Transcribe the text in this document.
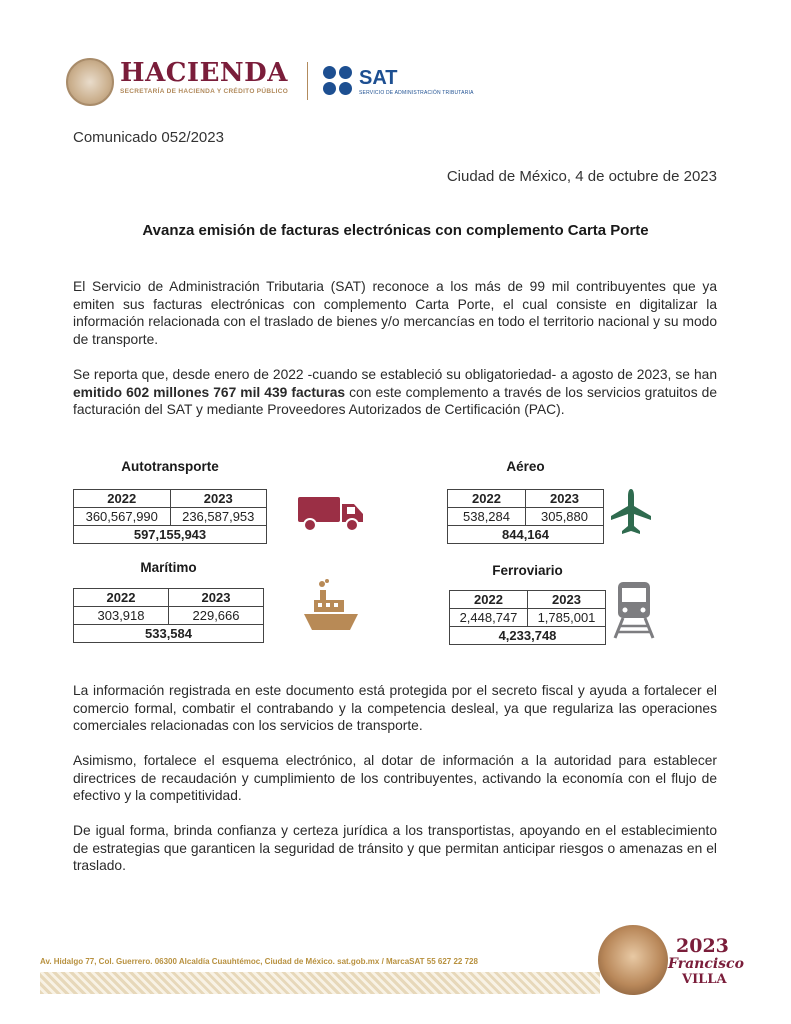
HACIENDA
SECRETARÍA DE HACIENDA Y CRÉDITO PÚBLICO
SAT
SERVICIO DE ADMINISTRACIÓN TRIBUTARIA
Comunicado 052/2023
Ciudad de México, 4 de octubre de 2023
Avanza emisión de facturas electrónicas con complemento Carta Porte
El Servicio de Administración Tributaria (SAT) reconoce a los más de 99 mil contribuyentes que ya emiten sus facturas electrónicas con complemento Carta Porte, el cual consiste en digitalizar la información relacionada con el traslado de bienes y/o mercancías en todo el territorio nacional y su modo de transporte.
Se reporta que, desde enero de 2022 -cuando se estableció su obligatoriedad- a agosto de 2023, se han emitido 602 millones 767 mil 439 facturas con este complemento a través de los servicios gratuitos de facturación del SAT y mediante Proveedores Autorizados de Certificación (PAC).
Autotransporte
2022	2023
360,567,990	236,587,953
597,155,943	
Aéreo
2022	2023
538,284	305,880
844,164	
Marítimo
2022	2023
303,918	229,666
533,584	
Ferroviario
2022	2023
2,448,747	1,785,001
4,233,748	
La información registrada en este documento está protegida por el secreto fiscal y ayuda a fortalecer el comercio formal, combatir el contrabando y la competencia desleal, ya que regulariza las operaciones comerciales relacionadas con los servicios de transporte.
Asimismo, fortalece el esquema electrónico, al dotar de información a la autoridad para establecer directrices de recaudación y cumplimiento de los contribuyentes, activando la economía con el flujo de efectivo y la competitividad.
De igual forma, brinda confianza y certeza jurídica a los transportistas, apoyando en el establecimiento de estrategias que garanticen la seguridad de tránsito y que permitan anticipar riesgos o amenazas en el traslado.
Av. Hidalgo 77, Col. Guerrero. 06300 Alcaldía Cuauhtémoc, Ciudad de México. sat.gob.mx / MarcaSAT 55 627 22 728
2023
Francisco
VILLA
